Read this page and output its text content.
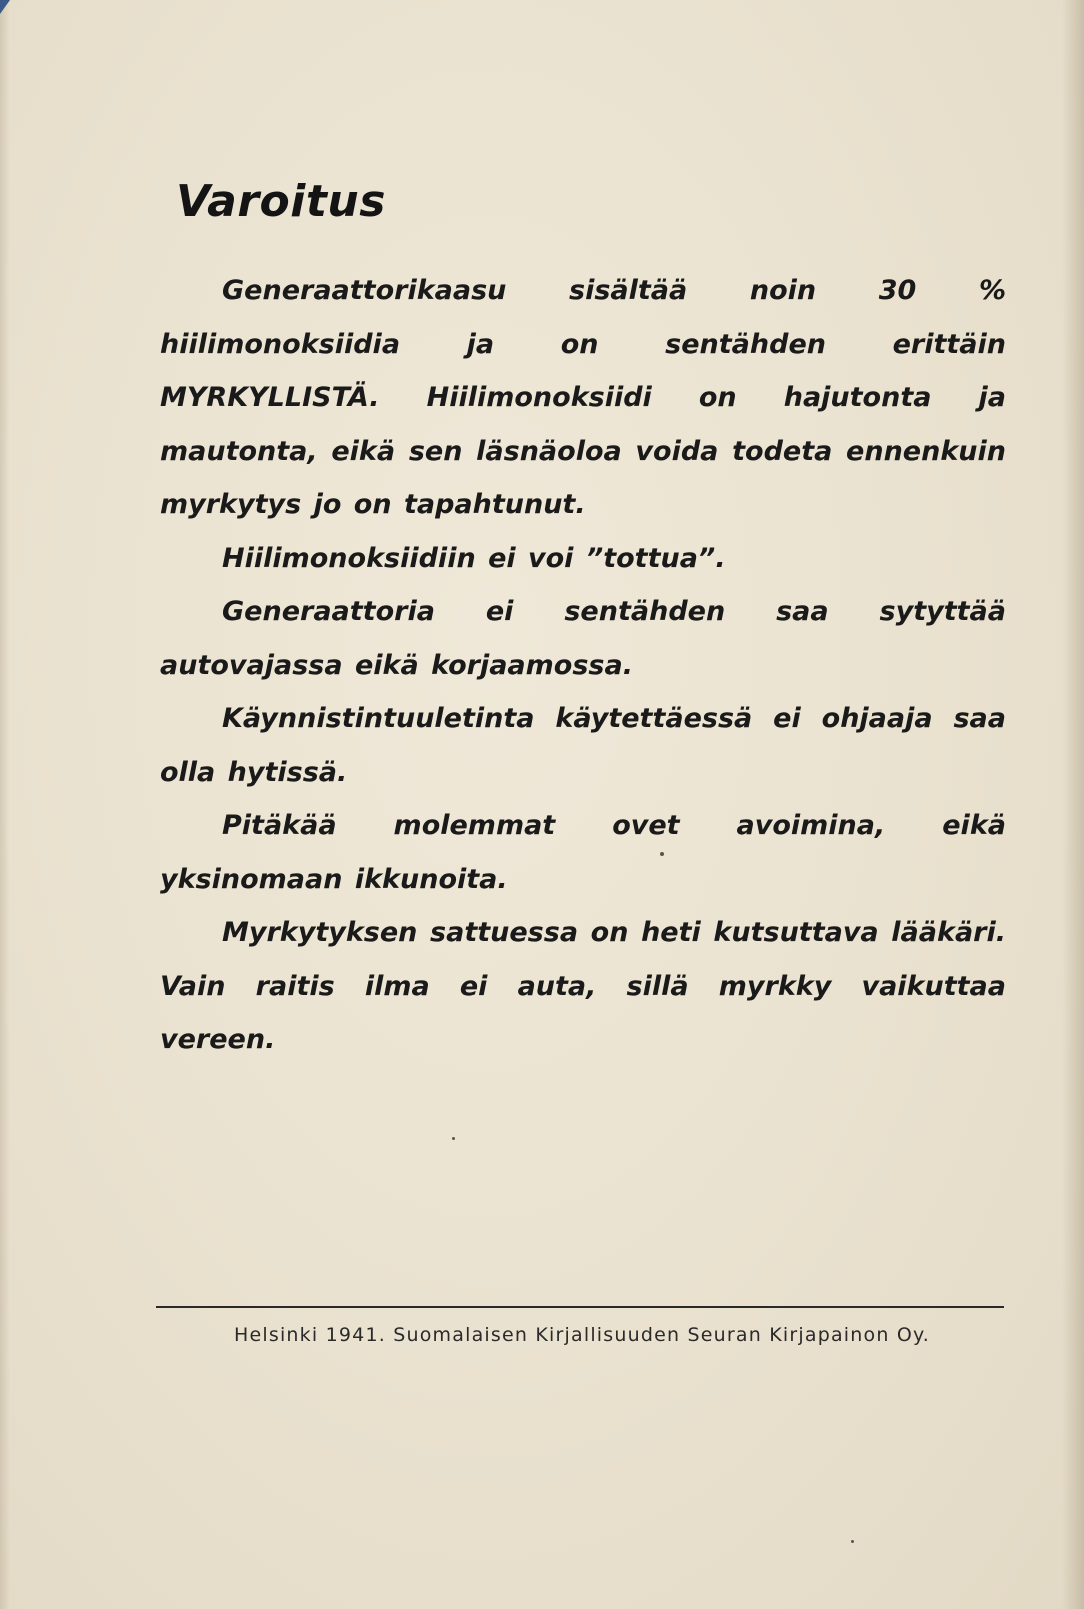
Varoitus

Generaattorikaasu sisältää noin 30 % hiilimonoksiidia ja on sentähden erittäin MYRKYLLISTÄ. Hiilimonoksiidi on hajutonta ja mautonta, eikä sen läsnäoloa voida todeta ennenkuin myrkytys jo on tapahtunut.

Hiilimonoksiidiin ei voi ”tottua”.

Generaattoria ei sentähden saa sytyttää autovajassa eikä korjaamossa.

Käynnistintuuletinta käytettäessä ei ohjaaja saa olla hytissä.

Pitäkää molemmat ovet avoimina, eikä yksinomaan ikkunoita.

Myrkytyksen sattuessa on heti kutsuttava lääkäri. Vain raitis ilma ei auta, sillä myrkky vaikuttaa vereen.

Helsinki 1941. Suomalaisen Kirjallisuuden Seuran Kirjapainon Oy.
